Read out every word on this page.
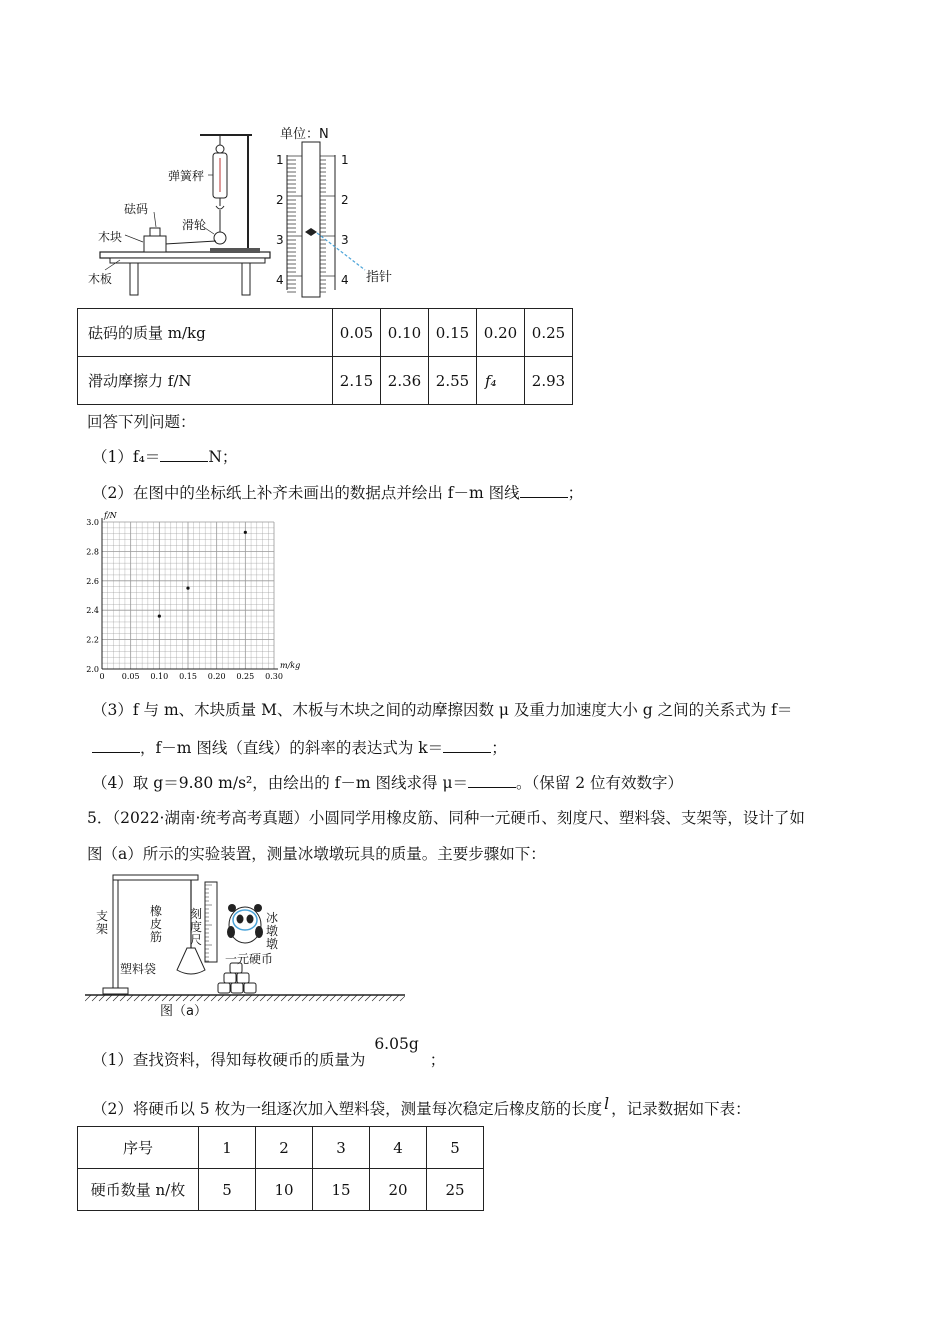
弹簧秤
砝码
滑轮
木块
木板
单位：N
指针
1
2
3
4
1
2
3
4
砝码的质量 m/kg	0.05	0.10	0.15	0.20	0.25
滑动摩擦力 f/N	2.15	2.36	2.55	f₄	2.93
回答下列问题：
（1）f₄＝	N；
（2）在图中的坐标纸上补齐未画出的数据点并绘出 f－m 图线	；
0 0.05 0.10 0.15 0.20 0.25 0.30
2.0
2.2
2.4
2.6
2.8
3.0
m/kg
f/N
（3）f 与 m、木块质量 M、木板与木块之间的动摩擦因数 μ 及重力加速度大小 g 之间的关系式为 f＝
，f－m 图线（直线）的斜率的表达式为 k＝	；
（4）取 g＝9.80 m/s²，由绘出的 f－m 图线求得 μ＝	。（保留 2 位有效数字）
5．（2022·湖南·统考高考真题）小圆同学用橡皮筋、同种一元硬币、刻度尺、塑料袋、支架等，设计了如
图（a）所示的实验装置，测量冰墩墩玩具的质量。主要步骤如下：
支架
橡皮筋
刻度尺
冰墩墩
塑料袋
一元硬币
图（a）
（1）查找资料，得知每枚硬币的质量为 6.05g ；
（2）将硬币以 5 枚为一组逐次加入塑料袋，测量每次稳定后橡皮筋的长度 l ，记录数据如下表：
序号	1	2	3	4	5
硬币数量 n/枚	5	10	15	20	25
